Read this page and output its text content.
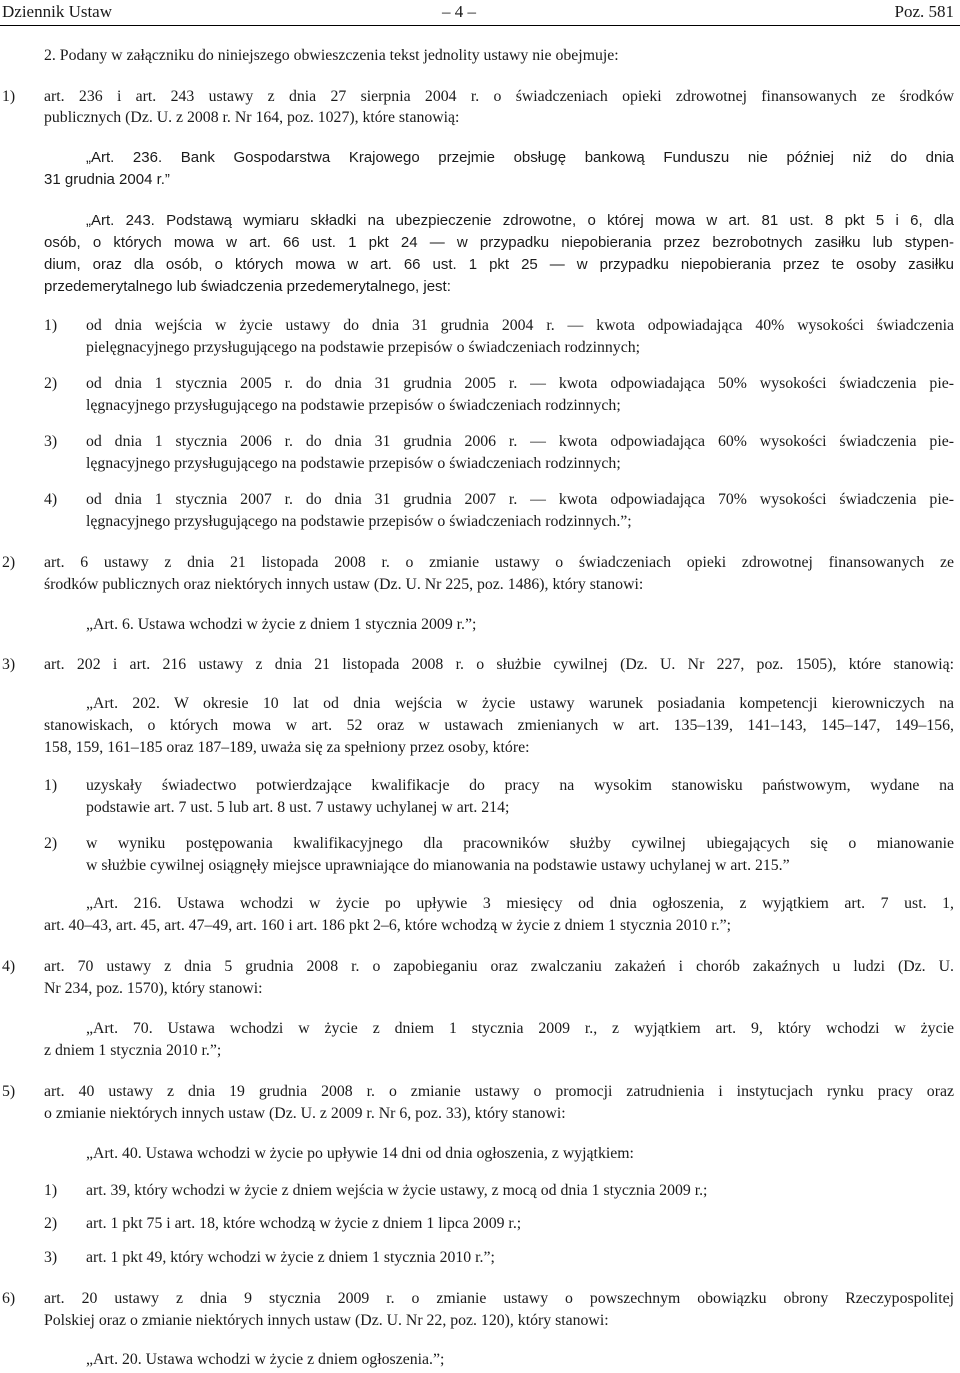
Dziennik Ustaw	– 4 –	Poz. 581
2. Podany w załączniku do niniejszego obwieszczenia tekst jednolity ustawy nie obejmuje:
1) art. 236 i art. 243 ustawy z dnia 27 sierpnia 2004 r. o świadczeniach opieki zdrowotnej finansowanych ze środków
publicznych (Dz. U. z 2008 r. Nr 164, poz. 1027), które stanowią:
„Art. 236. Bank Gospodarstwa Krajowego przejmie obsługę bankową Funduszu nie później niż do dnia
31 grudnia 2004 r.”
„Art. 243. Podstawą wymiaru składki na ubezpieczenie zdrowotne, o której mowa w art. 81 ust. 8 pkt 5 i 6, dla
osób, o których mowa w art. 66 ust. 1 pkt 24 — w przypadku niepobierania przez bezrobotnych zasiłku lub stypen-
dium, oraz dla osób, o których mowa w art. 66 ust. 1 pkt 25 — w przypadku niepobierania przez te osoby zasiłku
przedemerytalnego lub świadczenia przedemerytalnego, jest:
1) od dnia wejścia w życie ustawy do dnia 31 grudnia 2004 r. — kwota odpowiadająca 40% wysokości świadczenia
pielęgnacyjnego przysługującego na podstawie przepisów o świadczeniach rodzinnych;
2) od dnia 1 stycznia 2005 r. do dnia 31 grudnia 2005 r. — kwota odpowiadająca 50% wysokości świadczenia pie-
lęgnacyjnego przysługującego na podstawie przepisów o świadczeniach rodzinnych;
3) od dnia 1 stycznia 2006 r. do dnia 31 grudnia 2006 r. — kwota odpowiadająca 60% wysokości świadczenia pie-
lęgnacyjnego przysługującego na podstawie przepisów o świadczeniach rodzinnych;
4) od dnia 1 stycznia 2007 r. do dnia 31 grudnia 2007 r. — kwota odpowiadająca 70% wysokości świadczenia pie-
lęgnacyjnego przysługującego na podstawie przepisów o świadczeniach rodzinnych.”;
2) art. 6 ustawy z dnia 21 listopada 2008 r. o zmianie ustawy o świadczeniach opieki zdrowotnej finansowanych ze
środków publicznych oraz niektórych innych ustaw (Dz. U. Nr 225, poz. 1486), który stanowi:
„Art. 6. Ustawa wchodzi w życie z dniem 1 stycznia 2009 r.”;
3) art. 202 i art. 216 ustawy z dnia 21 listopada 2008 r. o służbie cywilnej (Dz. U. Nr 227, poz. 1505), które stanowią:
„Art. 202. W okresie 10 lat od dnia wejścia w życie ustawy warunek posiadania kompetencji kierowniczych na
stanowiskach, o których mowa w art. 52 oraz w ustawach zmienianych w art. 135–139, 141–143, 145–147, 149–156,
158, 159, 161–185 oraz 187–189, uważa się za spełniony przez osoby, które:
1) uzyskały świadectwo potwierdzające kwalifikacje do pracy na wysokim stanowisku państwowym, wydane na
podstawie art. 7 ust. 5 lub art. 8 ust. 7 ustawy uchylanej w art. 214;
2) w wyniku postępowania kwalifikacyjnego dla pracowników służby cywilnej ubiegających się o mianowanie
w służbie cywilnej osiągnęły miejsce uprawniające do mianowania na podstawie ustawy uchylanej w art. 215.”
„Art. 216. Ustawa wchodzi w życie po upływie 3 miesięcy od dnia ogłoszenia, z wyjątkiem art. 7 ust. 1,
art. 40–43, art. 45, art. 47–49, art. 160 i art. 186 pkt 2–6, które wchodzą w życie z dniem 1 stycznia 2010 r.”;
4) art. 70 ustawy z dnia 5 grudnia 2008 r. o zapobieganiu oraz zwalczaniu zakażeń i chorób zakaźnych u ludzi (Dz. U.
Nr 234, poz. 1570), który stanowi:
„Art. 70. Ustawa wchodzi w życie z dniem 1 stycznia 2009 r., z wyjątkiem art. 9, który wchodzi w życie
z dniem 1 stycznia 2010 r.”;
5) art. 40 ustawy z dnia 19 grudnia 2008 r. o zmianie ustawy o promocji zatrudnienia i instytucjach rynku pracy oraz
o zmianie niektórych innych ustaw (Dz. U. z 2009 r. Nr 6, poz. 33), który stanowi:
„Art. 40. Ustawa wchodzi w życie po upływie 14 dni od dnia ogłoszenia, z wyjątkiem:
1) art. 39, który wchodzi w życie z dniem wejścia w życie ustawy, z mocą od dnia 1 stycznia 2009 r.;
2) art. 1 pkt 75 i art. 18, które wchodzą w życie z dniem 1 lipca 2009 r.;
3) art. 1 pkt 49, który wchodzi w życie z dniem 1 stycznia 2010 r.”;
6) art. 20 ustawy z dnia 9 stycznia 2009 r. o zmianie ustawy o powszechnym obowiązku obrony Rzeczypospolitej
Polskiej oraz o zmianie niektórych innych ustaw (Dz. U. Nr 22, poz. 120), który stanowi:
„Art. 20. Ustawa wchodzi w życie z dniem ogłoszenia.”;
